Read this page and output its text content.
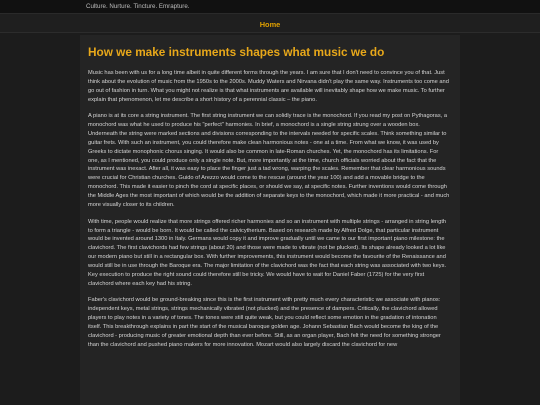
Culture. Nurture. Tincture. Emrapture.
Home
How we make instruments shapes what music we do

Music has been with us for a long time albeit in quite different forms through the years. I am sure that I don't need to convince you of that. Just think about the evolution of music from the 1950s to the 2000s. Muddy Waters and Nirvana didn't play the same way. Instruments too come and go out of fashion in turn. What you might not realize is that what instruments are available will inevitably shape how we make music. To further explain that phenomenon, let me describe a short history of a perennial classic – the piano.

A piano is at its core a string instrument. The first string instrument we can solidly trace is the monochord. If you read my post on Pythagoras, a monochord was what he used to produce his "perfect" harmonies. In brief, a monochord is a single string strung over a wooden box. Underneath the string were marked sections and divisions corresponding to the intervals needed for specific scales. Think something similar to guitar frets. With such an instrument, you could therefore make clean harmonious notes - one at a time. From what we know, it was used by Greeks to dictate monophonic chorus singing. It would also be common in late-Roman churches. Yet, the monochord has its limitations. For one, as I mentioned, you could produce only a single note. But, more importantly at the time, church officials worried about the fact that the instrument was inexact. After all, it was easy to place the finger just a tad wrong, warping the scales. Remember that clear harmonious sounds were crucial for Christian churches. Guido of Arezzo would come to the rescue (around the year 100) and add a movable bridge to the monochord. This made it easier to pinch the cord at specific places, or should we say, at specific notes. Further inventions would come through the Middle Ages the most important of which would be the addition of separate keys to the monochord, which made it more practical - and much more visually closer to its children.

With time, people would realize that more strings offered richer harmonies and so an instrument with multiple strings - arranged in string length to form a triangle - would be born. It would be called the calvicytherium. Based on research made by Alfred Dolge, that particular instrument would be invented around 1300 in Italy. Germans would copy it and improve gradually until we came to our first important piano milestone: the clavichord. The first clavichords had few strings (about 20) and those were made to vibrate (not be plucked). Its shape already looked a lot like our modern piano but still in a rectangular box. With further improvements, this instrument would become the favourite of the Renaissance and would still be in use through the Baroque era. The major limitation of the clavichord was the fact that each string was associated with two keys. Key execution to produce the right sound could therefore still be tricky. We would have to wait for Daniel Faber (1725) for the very first clavichord where each key had his string.

Faber's clavichord would be ground-breaking since this is the first instrument with pretty much every characteristic we associate with pianos: independent keys, metal strings, strings mechanically vibrated (not plucked) and the presence of dampers. Critically, the clavichord allowed players to play notes in a variety of tones. The tones were still quite weak, but you could reflect some emotion in the gradation of intonation itself. This breakthrough explains in part the start of the musical baroque golden age. Johann Sebastian Bach would become the king of the clavichord - producing music of greater emotional depth than ever before. Still, as an organ player, Bach felt the need for something stronger than the clavichord and pushed piano makers for more innovation. Mozart would also largely discard the clavichord for new
